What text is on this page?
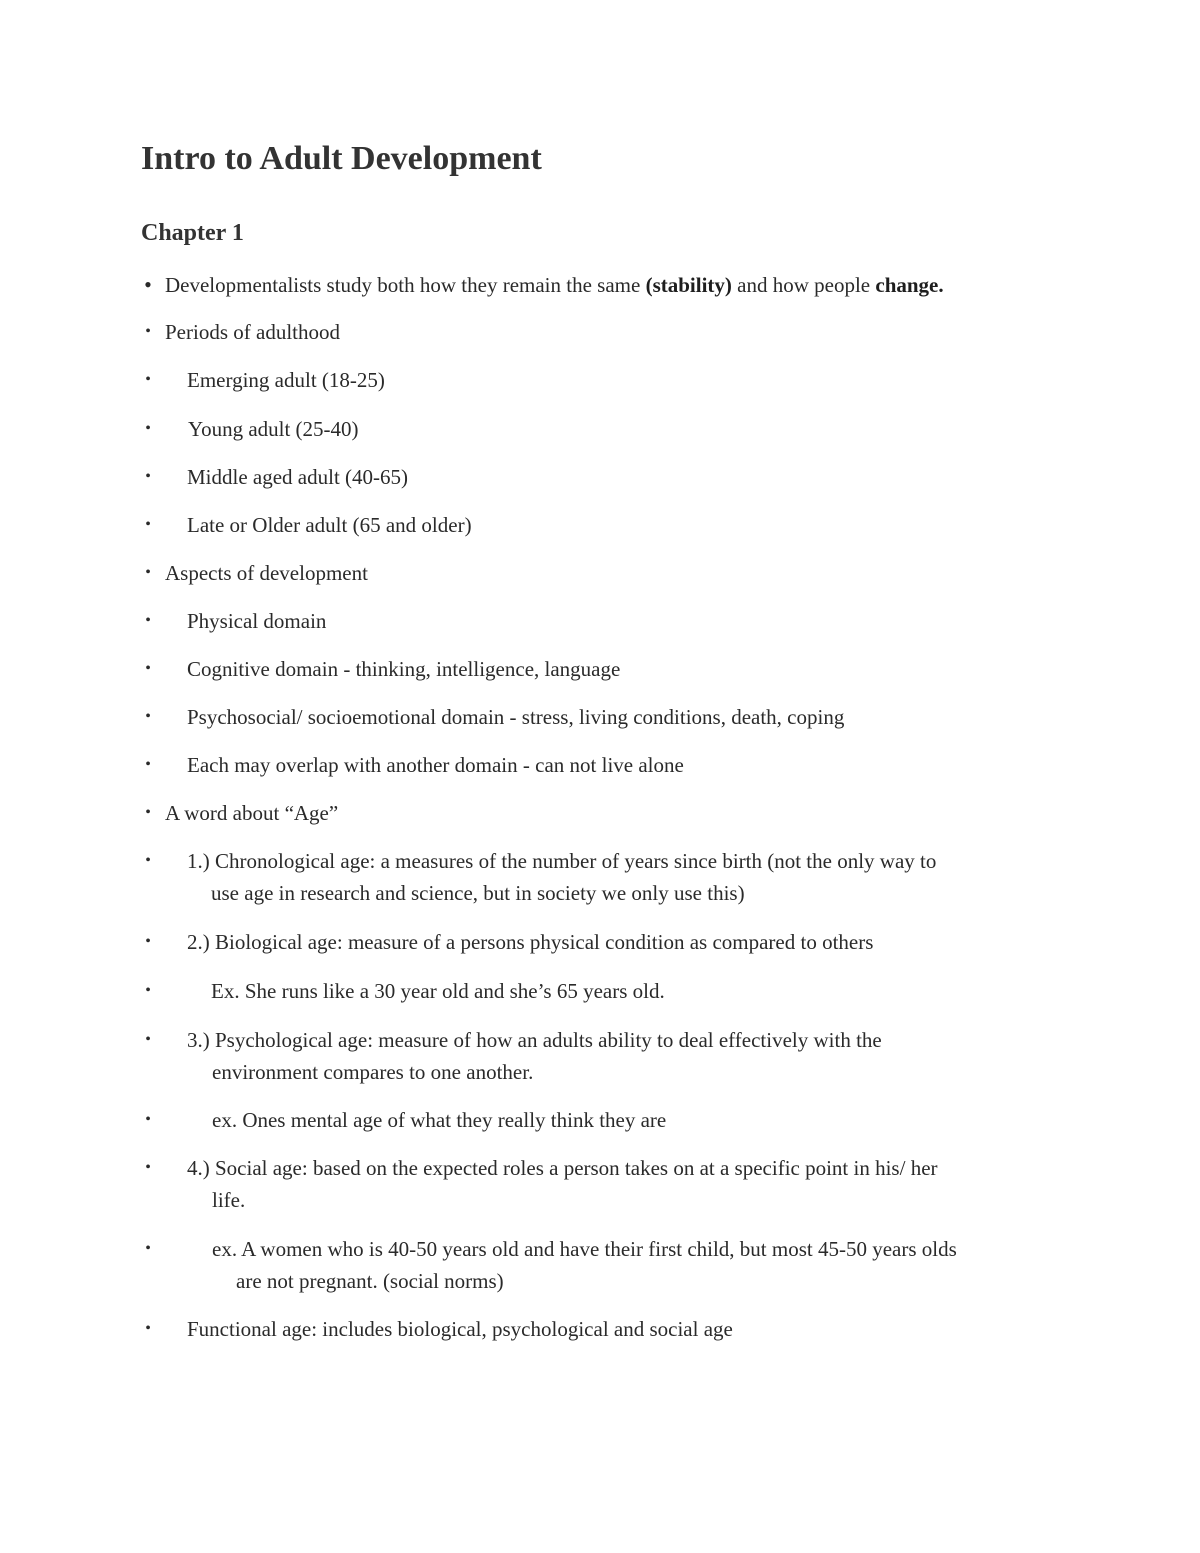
Intro to Adult Development
Chapter 1
• Developmentalists study both how they remain the same (stability) and how people change.
• Periods of adulthood
• Emerging adult (18-25)
• Young adult (25-40)
• Middle aged adult (40-65)
• Late or Older adult (65 and older)
• Aspects of development
• Physical domain
• Cognitive domain - thinking, intelligence, language
• Psychosocial/ socioemotional domain - stress, living conditions, death, coping
• Each may overlap with another domain - can not live alone
• A word about “Age”
• 1.) Chronological age: a measures of the number of years since birth (not the only way to
use age in research and science, but in society we only use this)
• 2.) Biological age: measure of a persons physical condition as compared to others
•	Ex. She runs like a 30 year old and she’s 65 years old.
• 3.) Psychological age: measure of how an adults ability to deal effectively with the
environment compares to one another.
•	ex. Ones mental age of what they really think they are
• 4.) Social age: based on the expected roles a person takes on at a specific point in his/ her
life.
•	ex. A women who is 40-50 years old and have their first child, but most 45-50 years olds
are not pregnant. (social norms)
• Functional age: includes biological, psychological and social age
